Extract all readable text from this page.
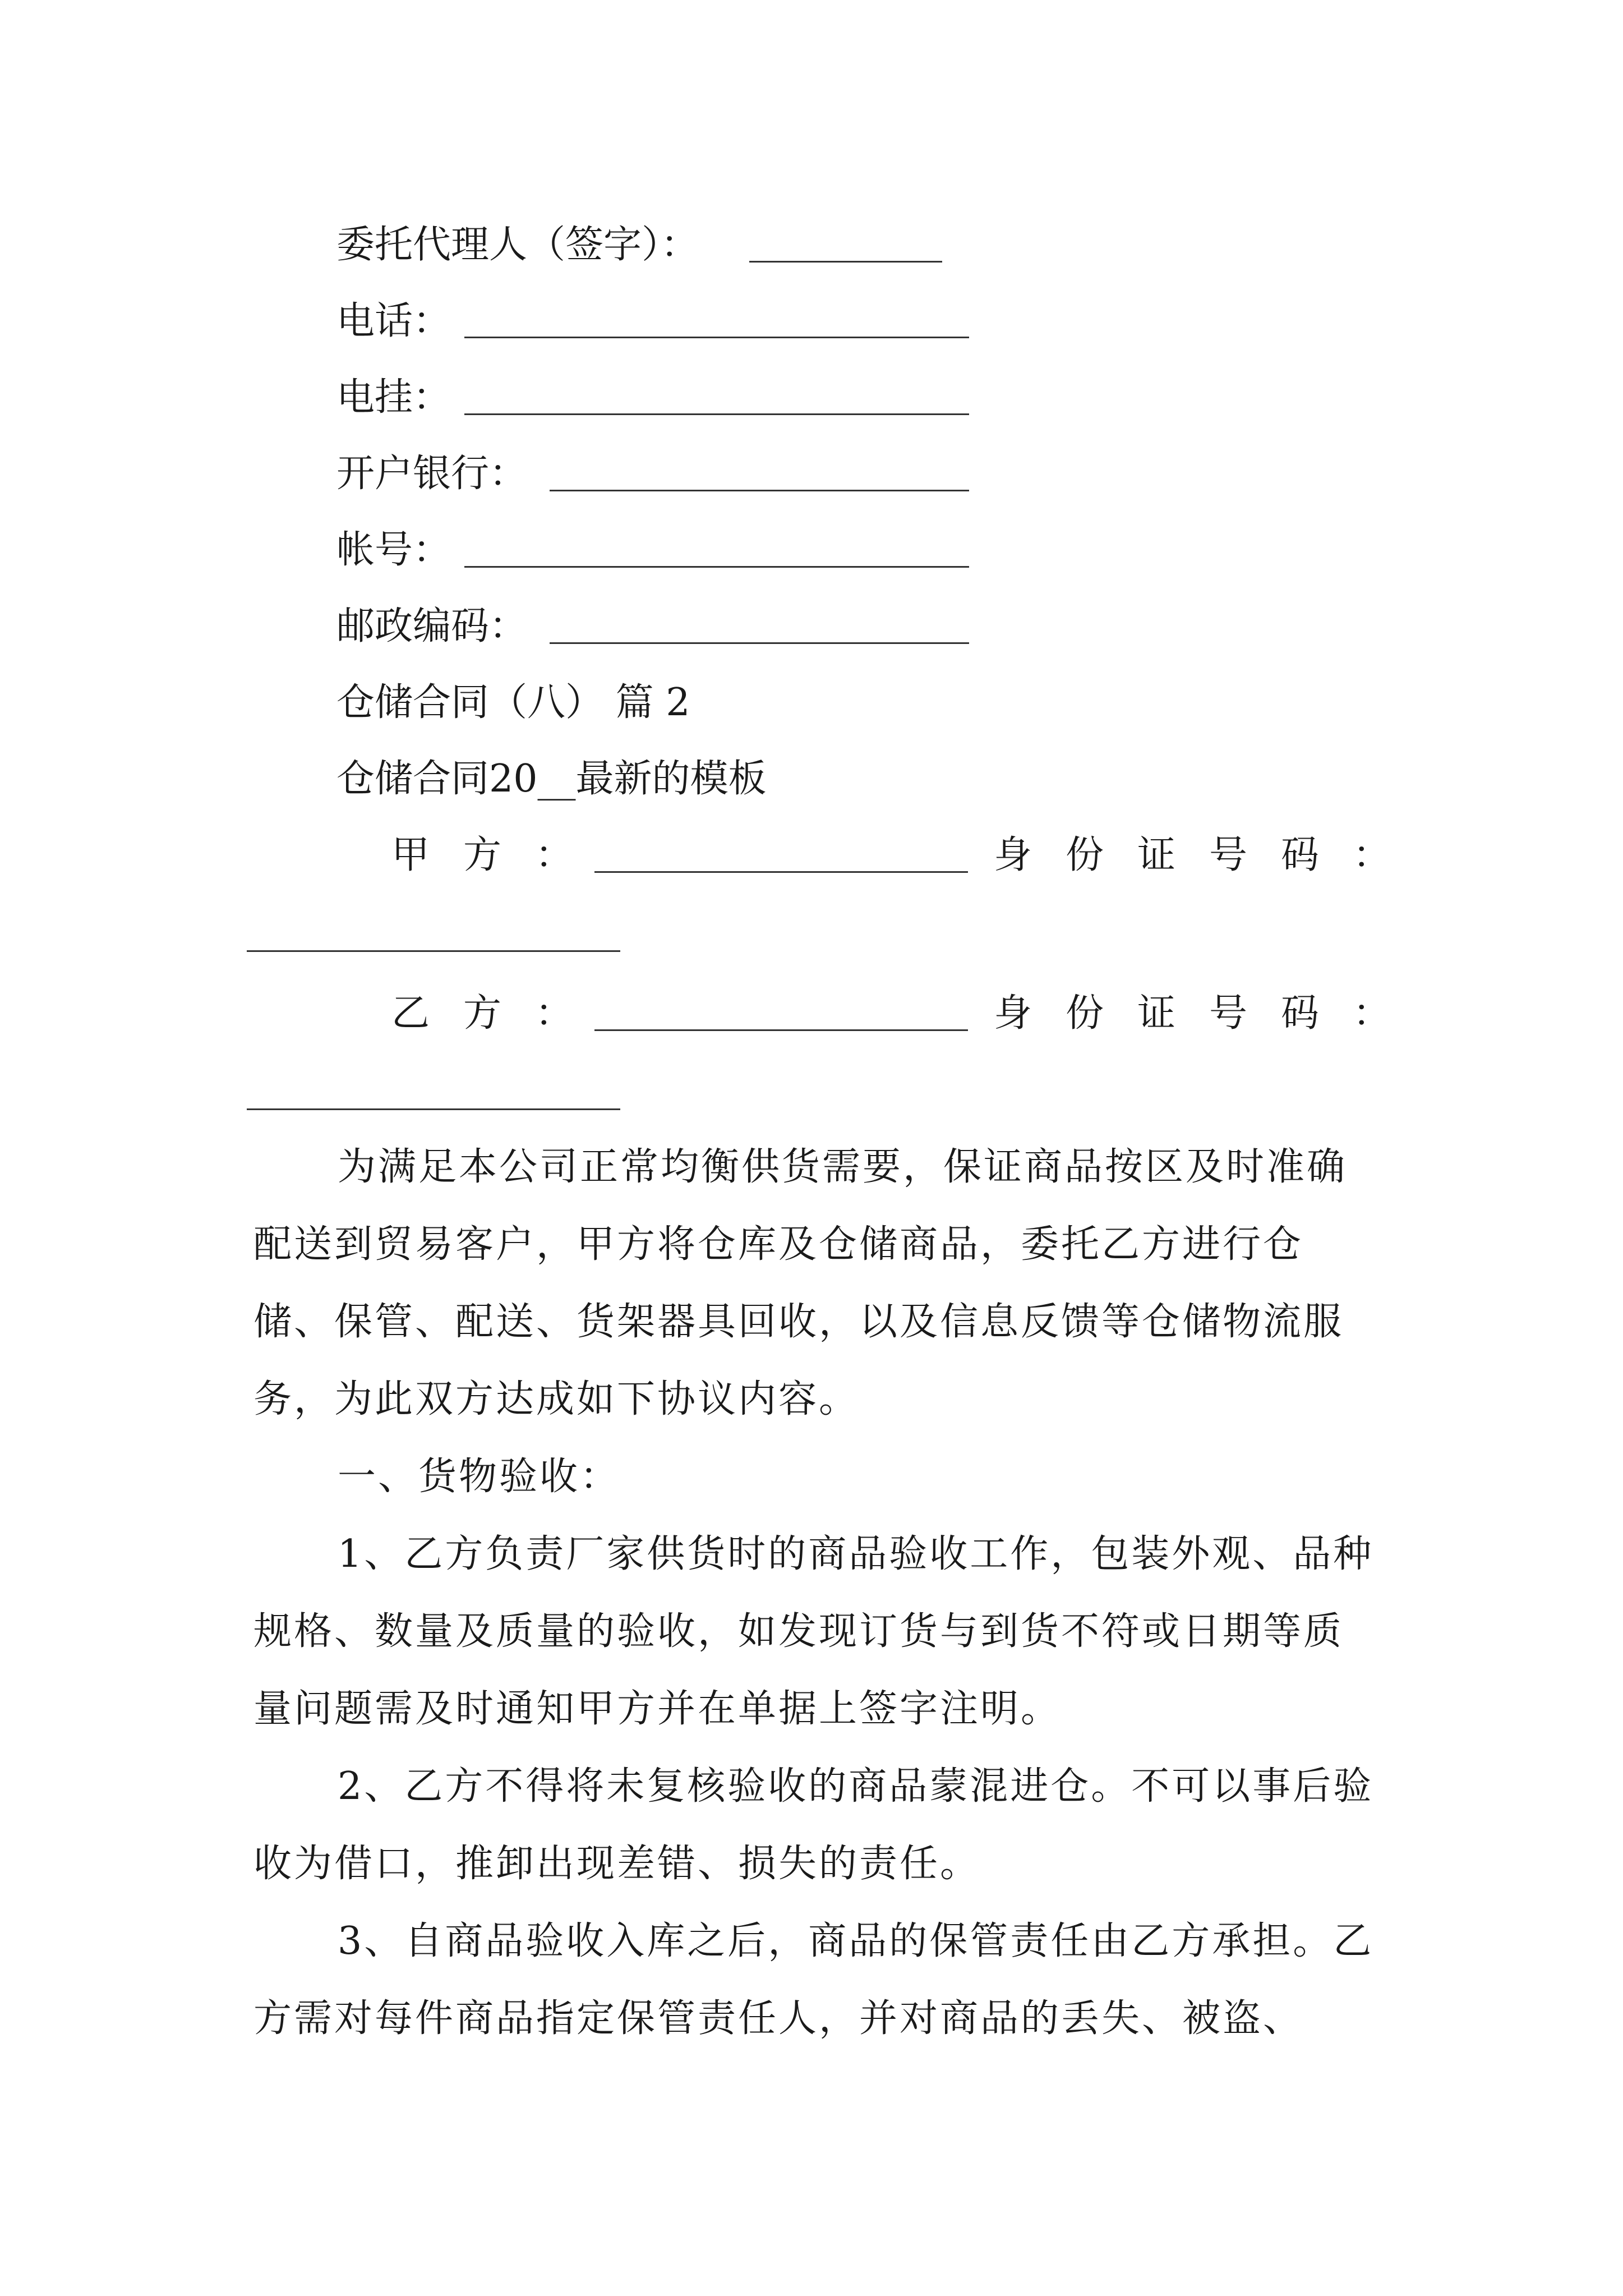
委托代理人（签字）：
电话：
电挂：
开户银行：
帐号：
邮政编码：
仓储合同（八） 篇 2
仓储合同20__最新的模板
甲方：	身份证号码：
乙方：	身份证号码：

为满足本公司正常均衡供货需要，保证商品按区及时准确配送到贸易客户，甲方将仓库及仓储商品，委托乙方进行仓储、保管、配送、货架器具回收，以及信息反馈等仓储物流服务，为此双方达成如下协议内容。

一、货物验收：

1、乙方负责厂家供货时的商品验收工作，包装外观、品种规格、数量及质量的验收，如发现订货与到货不符或日期等质量问题需及时通知甲方并在单据上签字注明。

2、乙方不得将未复核验收的商品蒙混进仓。不可以事后验收为借口，推卸出现差错、损失的责任。

3、自商品验收入库之后，商品的保管责任由乙方承担。乙方需对每件商品指定保管责任人，并对商品的丢失、被盗、
